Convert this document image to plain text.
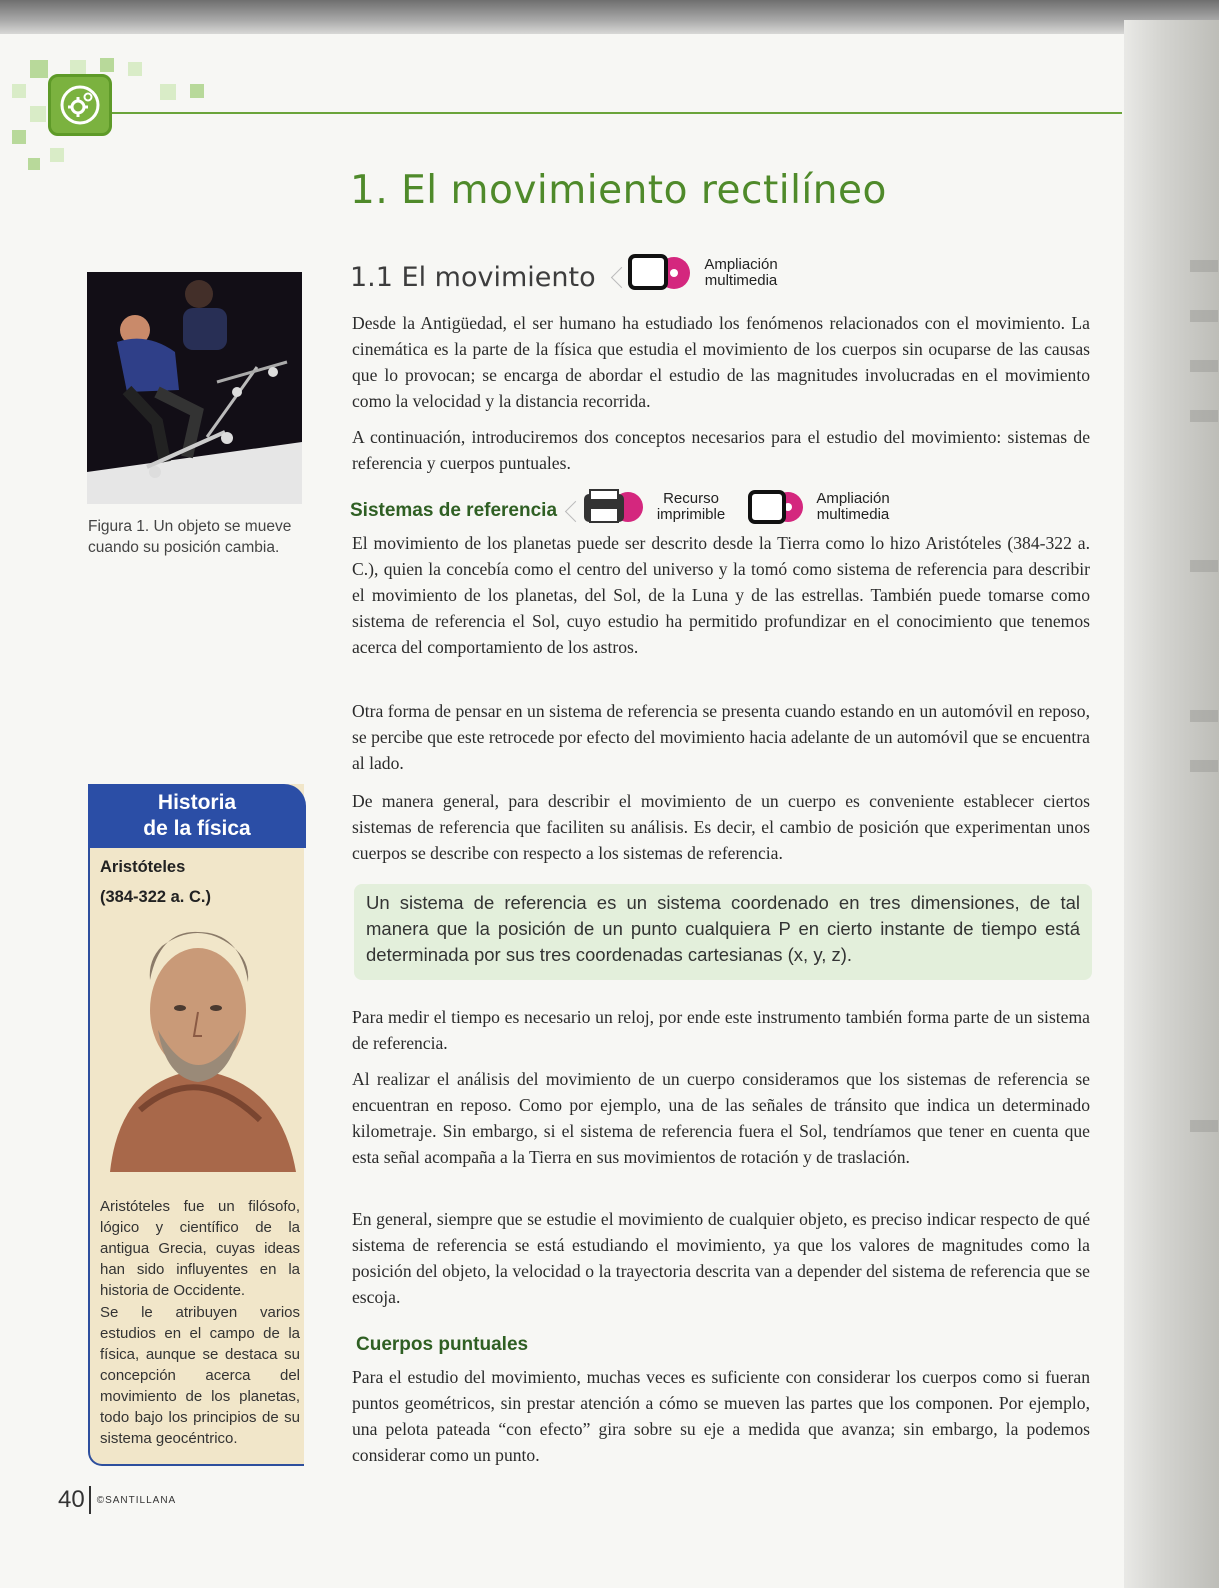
1. El movimiento rectilíneo
1.1 El movimiento	Ampliación multimedia

Desde la Antigüedad, el ser humano ha estudiado los fenómenos relacionados con el movimiento. La cinemática es la parte de la física que estudia el movimiento de los cuerpos sin ocuparse de las causas que lo provocan; se encarga de abordar el estudio de las magnitudes involucradas en el movimiento como la velocidad y la distancia recorrida.

A continuación, introduciremos dos conceptos necesarios para el estudio del movimiento: sistemas de referencia y cuerpos puntuales.

Sistemas de referencia
Recurso imprimible
Ampliación multimedia

El movimiento de los planetas puede ser descrito desde la Tierra como lo hizo Aristóteles (384-322 a. C.), quien la concebía como el centro del universo y la tomó como sistema de referencia para describir el movimiento de los planetas, del Sol, de la Luna y de las estrellas. También puede tomarse como sistema de referencia el Sol, cuyo estudio ha permitido profundizar en el conocimiento que tenemos acerca del comportamiento de los astros.

Otra forma de pensar en un sistema de referencia se presenta cuando estando en un automóvil en reposo, se percibe que este retrocede por efecto del movimiento hacia adelante de un automóvil que se encuentra al lado.

De manera general, para describir el movimiento de un cuerpo es conveniente establecer ciertos sistemas de referencia que faciliten su análisis. Es decir, el cambio de posición que experimentan unos cuerpos se describe con respecto a los sistemas de referencia.

Un sistema de referencia es un sistema coordenado en tres dimensiones, de tal manera que la posición de un punto cualquiera P en cierto instante de tiempo está determinada por sus tres coordenadas cartesianas (x, y, z).

Para medir el tiempo es necesario un reloj, por ende este instrumento también forma parte de un sistema de referencia.

Al realizar el análisis del movimiento de un cuerpo consideramos que los sistemas de referencia se encuentran en reposo. Como por ejemplo, una de las señales de tránsito que indica un determinado kilometraje. Sin embargo, si el sistema de referencia fuera el Sol, tendríamos que tener en cuenta que esta señal acompaña a la Tierra en sus movimientos de rotación y de traslación.

En general, siempre que se estudie el movimiento de cualquier objeto, es preciso indicar respecto de qué sistema de referencia se está estudiando el movimiento, ya que los valores de magnitudes como la posición del objeto, la velocidad o la trayectoria descrita van a depender del sistema de referencia que se escoja.

Cuerpos puntuales

Para el estudio del movimiento, muchas veces es suficiente con considerar los cuerpos como si fueran puntos geométricos, sin prestar atención a cómo se mueven las partes que los componen. Por ejemplo, una pelota pateada “con efecto” gira sobre su eje a medida que avanza; sin embargo, la podemos considerar como un punto.

Figura 1. Un objeto se mueve cuando su posición cambia.

Historia
de la física
Aristóteles
(384-322 a. C.)

Aristóteles fue un filósofo, lógico y científico de la antigua Grecia, cuyas ideas han sido influyentes en la historia de Occidente.

Se le atribuyen varios estudios en el campo de la física, aunque se destaca su concepción acerca del movimiento de los planetas, todo bajo los principios de su sistema geocéntrico.

40 ©SANTILLANA
